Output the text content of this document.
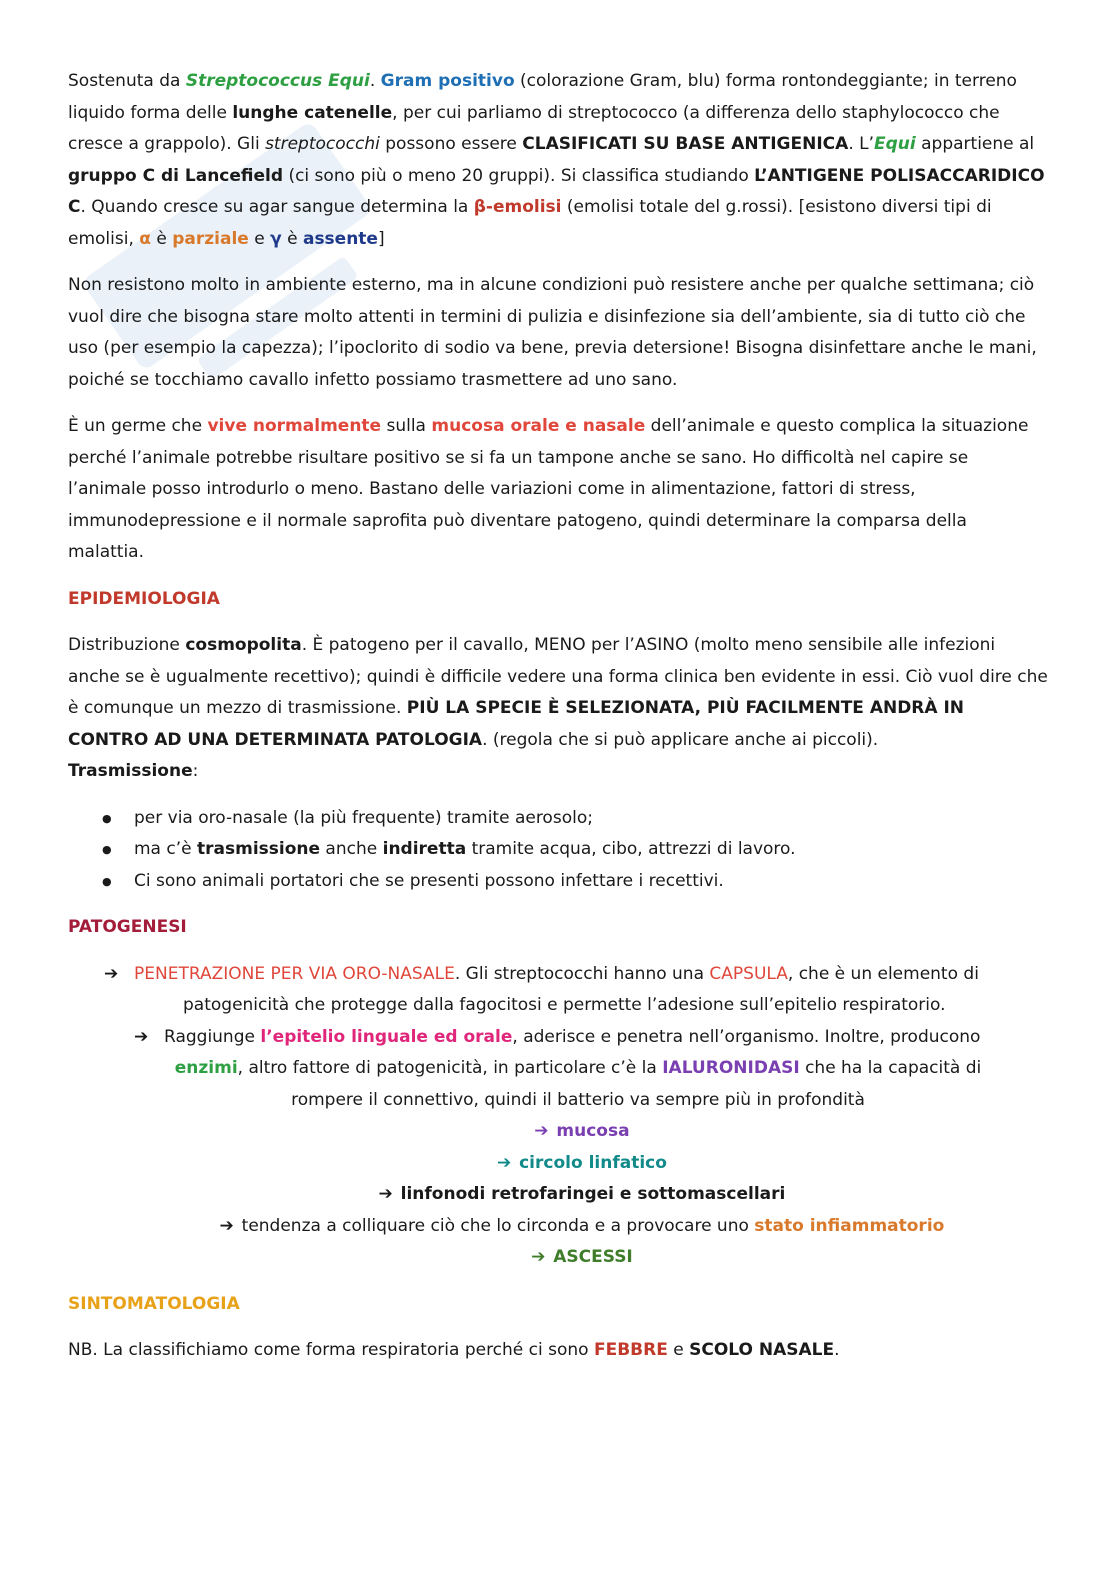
Sostenuta da Streptococcus Equi. Gram positivo (colorazione Gram, blu) forma rontondeggiante; in terreno liquido forma delle lunghe catenelle, per cui parliamo di streptococco (a differenza dello staphylococco che cresce a grappolo). Gli streptococchi possono essere CLASIFICATI SU BASE ANTIGENICA. L’Equi appartiene al gruppo C di Lancefield (ci sono più o meno 20 gruppi). Si classifica studiando L’ANTIGENE POLISACCARIDICO C. Quando cresce su agar sangue determina la β-emolisi (emolisi totale del g.rossi). [esistono diversi tipi di emolisi, α è parziale e γ è assente]

Non resistono molto in ambiente esterno, ma in alcune condizioni può resistere anche per qualche settimana; ciò vuol dire che bisogna stare molto attenti in termini di pulizia e disinfezione sia dell’ambiente, sia di tutto ciò che uso (per esempio la capezza); l’ipoclorito di sodio va bene, previa detersione! Bisogna disinfettare anche le mani, poiché se tocchiamo cavallo infetto possiamo trasmettere ad uno sano.

È un germe che vive normalmente sulla mucosa orale e nasale dell’animale e questo complica la situazione perché l’animale potrebbe risultare positivo se si fa un tampone anche se sano. Ho difficoltà nel capire se l’animale posso introdurlo o meno. Bastano delle variazioni come in alimentazione, fattori di stress, immunodepressione e il normale saprofita può diventare patogeno, quindi determinare la comparsa della malattia.

EPIDEMIOLOGIA

Distribuzione cosmopolita. È patogeno per il cavallo, MENO per l’ASINO (molto meno sensibile alle infezioni anche se è ugualmente recettivo); quindi è difficile vedere una forma clinica ben evidente in essi. Ciò vuol dire che è comunque un mezzo di trasmissione. PIÙ LA SPECIE È SELEZIONATA, PIÙ FACILMENTE ANDRÀ IN CONTRO AD UNA DETERMINATA PATOLOGIA. (regola che si può applicare anche ai piccoli).
Trasmissione:

● per via oro-nasale (la più frequente) tramite aerosolo;
● ma c’è trasmissione anche indiretta tramite acqua, cibo, attrezzi di lavoro.
● Ci sono animali portatori che se presenti possono infettare i recettivi.
PATOGENESI
➔ PENETRAZIONE PER VIA ORO-NASALE. Gli streptococchi hanno una CAPSULA, che è un elemento di
patogenicità che protegge dalla fagocitosi e permette l’adesione sull’epitelio respiratorio.
➔ Raggiunge l’epitelio linguale ed orale, aderisce e penetra nell’organismo. Inoltre, producono
enzimi, altro fattore di patogenicità, in particolare c’è la IALURONIDASI che ha la capacità di
rompere il connettivo, quindi il batterio va sempre più in profondità
➔ mucosa
➔ circolo linfatico
➔ linfonodi retrofaringei e sottomascellari
➔ tendenza a colliquare ciò che lo circonda e a provocare uno stato infiammatorio
➔ ASCESSI
SINTOMATOLOGIA

NB. La classifichiamo come forma respiratoria perché ci sono FEBBRE e SCOLO NASALE.
